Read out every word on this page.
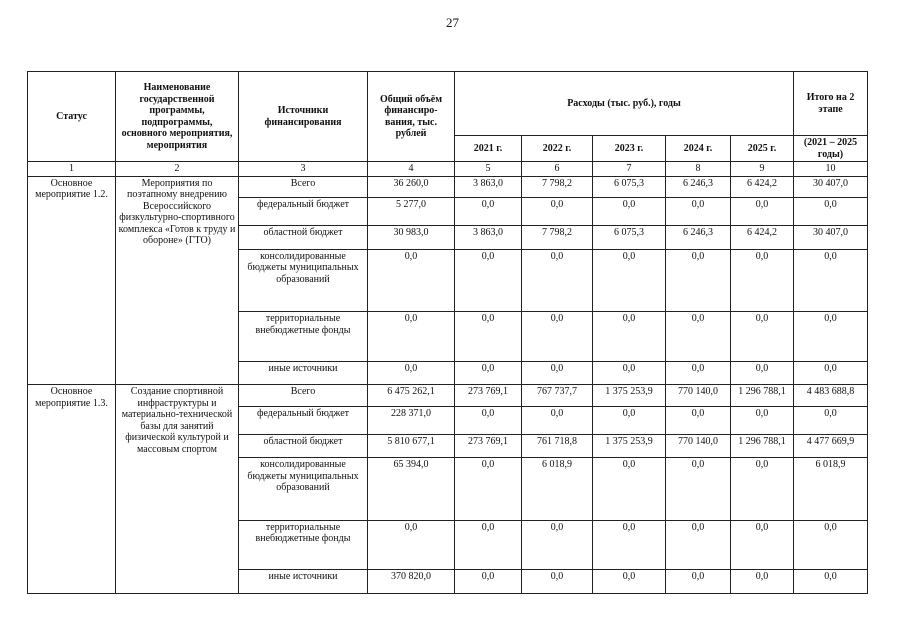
27
Статус	Наименование государственной программы, подпрограммы, основного мероприятия, мероприятия	Источники финансирования	Общий объём финансиро-вания, тыс. рублей	Расходы (тыс. руб.), годы					Итого на 2 этапе
				2021 г.	2022 г.	2023 г.	2024 г.	2025 г.	(2021 – 2025 годы)
1	2	3	4	5	6	7	8	9	10
Основное мероприятие 1.2.	Мероприятия по поэтапному внедрению Всероссийского физкультурно-спортивного комплекса «Готов к труду и обороне» (ГТО)	Всего	36 260,0	3 863,0	7 798,2	6 075,3	6 246,3	6 424,2	30 407,0
		федеральный бюджет	5 277,0	0,0	0,0	0,0	0,0	0,0	0,0
		областной бюджет	30 983,0	3 863,0	7 798,2	6 075,3	6 246,3	6 424,2	30 407,0
		консолидированные бюджеты муниципальных образований	0,0	0,0	0,0	0,0	0,0	0,0	0,0
		территориальные внебюджетные фонды	0,0	0,0	0,0	0,0	0,0	0,0	0,0
		иные источники	0,0	0,0	0,0	0,0	0,0	0,0	0,0
Основное мероприятие 1.3.	Создание спортивной инфраструктуры и материально-технической базы для занятий физической культурой и массовым спортом	Всего	6 475 262,1	273 769,1	767 737,7	1 375 253,9	770 140,0	1 296 788,1	4 483 688,8
		федеральный бюджет	228 371,0	0,0	0,0	0,0	0,0	0,0	0,0
		областной бюджет	5 810 677,1	273 769,1	761 718,8	1 375 253,9	770 140,0	1 296 788,1	4 477 669,9
		консолидированные бюджеты муниципальных образований	65 394,0	0,0	6 018,9	0,0	0,0	0,0	6 018,9
		территориальные внебюджетные фонды	0,0	0,0	0,0	0,0	0,0	0,0	0,0
		иные источники	370 820,0	0,0	0,0	0,0	0,0	0,0	0,0
